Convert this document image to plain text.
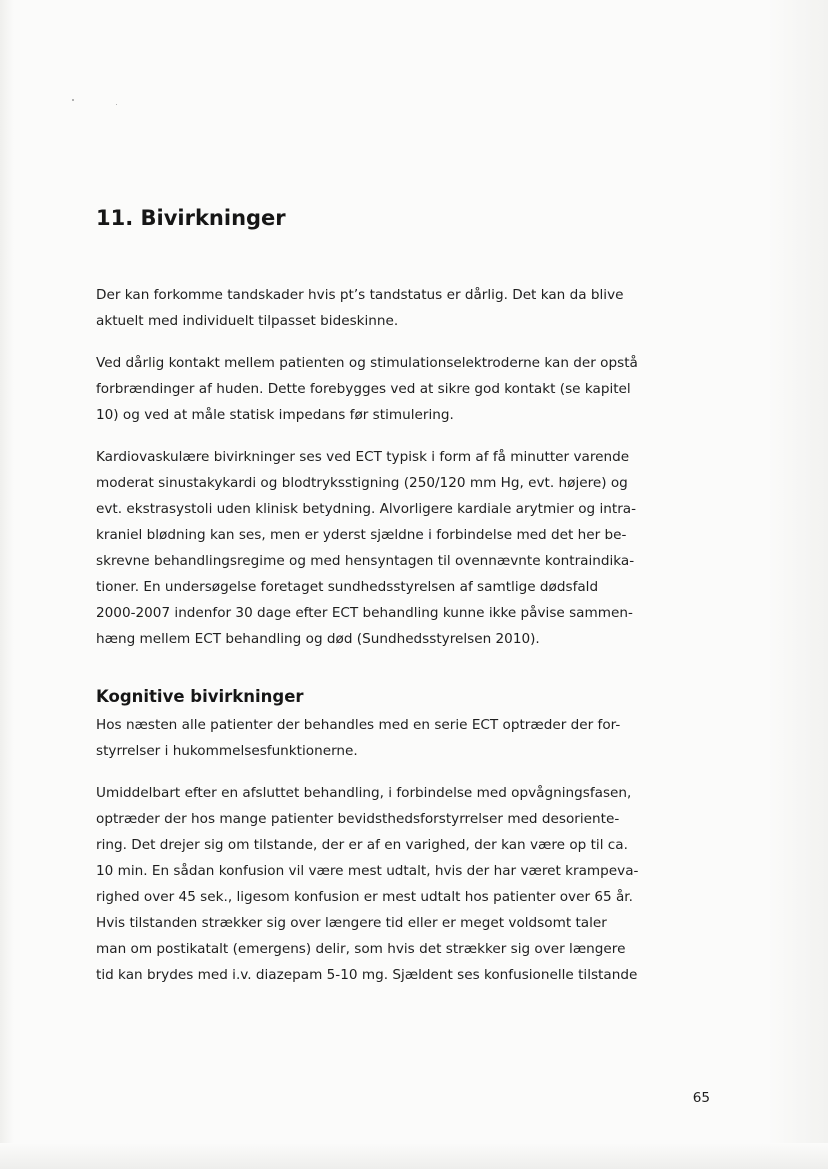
11. Bivirkninger

Der kan forkomme tandskader hvis pt’s tandstatus er dårlig. Det kan da blive
aktuelt med individuelt tilpasset bideskinne.

Ved dårlig kontakt mellem patienten og stimulationselektroderne kan der opstå
forbrændinger af huden. Dette forebygges ved at sikre god kontakt (se kapitel
10) og ved at måle statisk impedans før stimulering.

Kardiovaskulære bivirkninger ses ved ECT typisk i form af få minutter varende
moderat sinustakykardi og blodtryksstigning (250/120 mm Hg, evt. højere) og
evt. ekstrasystoli uden klinisk betydning. Alvorligere kardiale arytmier og intra-
kraniel blødning kan ses, men er yderst sjældne i forbindelse med det her be-
skrevne behandlingsregime og med hensyntagen til ovennævnte kontraindika-
tioner. En undersøgelse foretaget sundhedsstyrelsen af samtlige dødsfald
2000-2007 indenfor 30 dage efter ECT behandling kunne ikke påvise sammen-
hæng mellem ECT behandling og død (Sundhedsstyrelsen 2010).

Kognitive bivirkninger

Hos næsten alle patienter der behandles med en serie ECT optræder der for-
styrrelser i hukommelsesfunktionerne.

Umiddelbart efter en afsluttet behandling, i forbindelse med opvågningsfasen,
optræder der hos mange patienter bevidsthedsforstyrrelser med desoriente-
ring. Det drejer sig om tilstande, der er af en varighed, der kan være op til ca.
10 min. En sådan konfusion vil være mest udtalt, hvis der har været krampeva-
righed over 45 sek., ligesom konfusion er mest udtalt hos patienter over 65 år.
Hvis tilstanden strækker sig over længere tid eller er meget voldsomt taler
man om postikatalt (emergens) delir, som hvis det strækker sig over længere
tid kan brydes med i.v. diazepam 5-10 mg. Sjældent ses konfusionelle tilstande

65
